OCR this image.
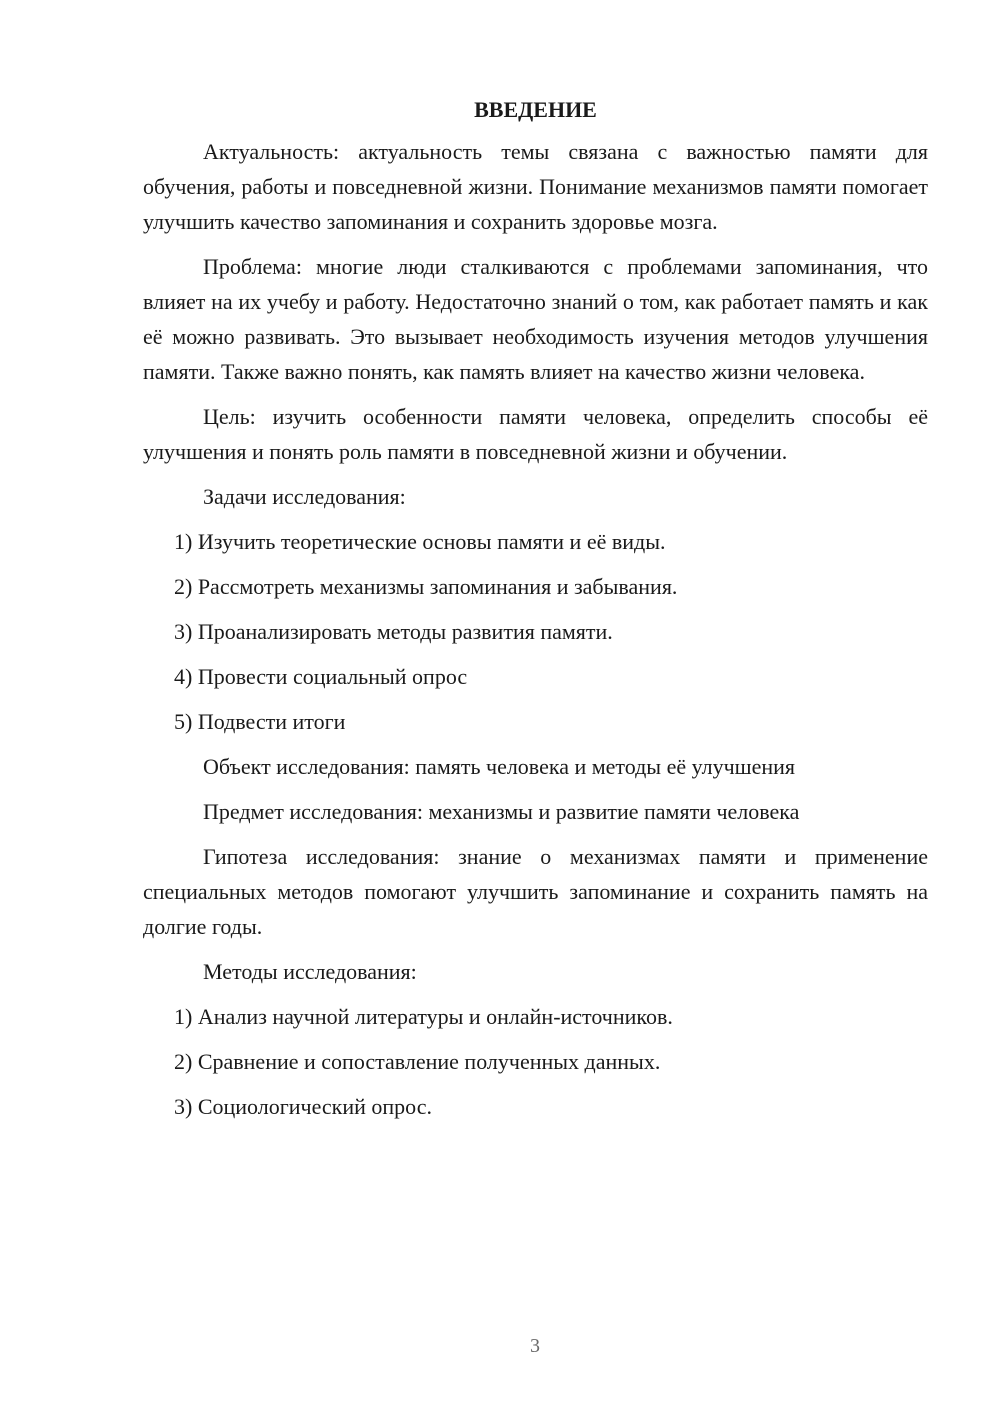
ВВЕДЕНИЕ

Актуальность: актуальность темы связана с важностью памяти для обучения, работы и повседневной жизни. Понимание механизмов памяти помогает улучшить качество запоминания и сохранить здоровье мозга.

Проблема: многие люди сталкиваются с проблемами запоминания, что влияет на их учебу и работу. Недостаточно знаний о том, как работает память и как её можно развивать. Это вызывает необходимость изучения методов улучшения памяти. Также важно понять, как память влияет на качество жизни человека.

Цель: изучить особенности памяти человека, определить способы её улучшения и понять роль памяти в повседневной жизни и обучении.

Задачи исследования:

1) Изучить теоретические основы памяти и её виды.
2) Рассмотреть механизмы запоминания и забывания.
3) Проанализировать методы развития памяти.
4) Провести социальный опрос
5) Подвести итоги

Объект исследования: память человека и методы её улучшения

Предмет исследования: механизмы и развитие памяти человека

Гипотеза исследования: знание о механизмах памяти и применение специальных методов помогают улучшить запоминание и сохранить память на долгие годы.

Методы исследования:

1) Анализ научной литературы и онлайн-источников.
2) Сравнение и сопоставление полученных данных.
3) Социологический опрос.
3
